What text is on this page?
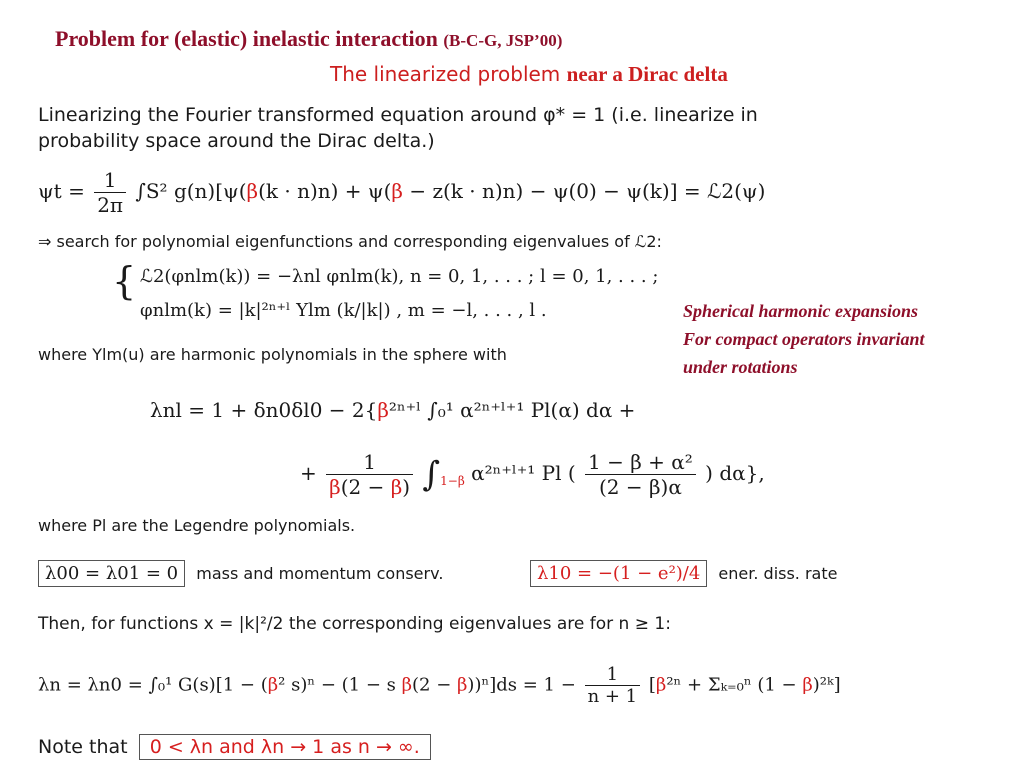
Problem for (elastic) inelastic interaction (B-C-G, JSP’00)
The linearized problem near a Dirac delta
Linearizing the Fourier transformed equation around φ* = 1 (i.e. linearize in
probability space around the Dirac delta.)
$\psi t = \frac{1}{2\pi} \int S^2$ g(n)[ψ(β(k · n)n) + ψ(β − z(k · n)n) − ψ(0) − ψ(k)] = ℒ2(ψ)
⇒ search for polynomial eigenfunctions and corresponding eigenvalues of ℒ2:
{ ℒ2(φnlm(k)) = −λnl φnlm(k), n = 0, 1, . . . ; l = 0, 1, . . . ;
φnlm(k) = |k|²ⁿ⁺ˡ Ylm (k/|k|) , m = −l, . . . , l .	Spherical harmonic expansions
For compact operators invariant
under rotations
where Ylm(u) are harmonic polynomials in the sphere with
λnl = 1 + δn0δl0 − 2{β²ⁿ⁺ˡ ∫₀¹ α²ⁿ⁺ˡ⁺¹ Pl(α) dα +
+ $\frac{1}{\beta(2 - \beta)} \int_{1-\beta}$ α²ⁿ⁺ˡ⁺¹ Pl ( $\frac{\text{1 − β + α²}}{(2 - \beta)\alpha}$ ) dα},
where Pl are the Legendre polynomials.
λ00 = λ01 = 0 mass and momentum conserv.	λ10 = −(1 − e²)/4 ener. diss. rate
Then, for functions x = |k|²/2 the corresponding eigenvalues are for n ≥ 1:
λn = λn0 = ∫₀¹ G(s)[1 − (β² s)ⁿ − (1 − s $\beta(2 - \beta))^n]ds = 1 - \frac{1}{n + 1} [\beta^{2n} + \Sigma_{k=0}^n$ (1 − β)²ᵏ]
Note that 0 < λn and λn → 1 as n → ∞.
